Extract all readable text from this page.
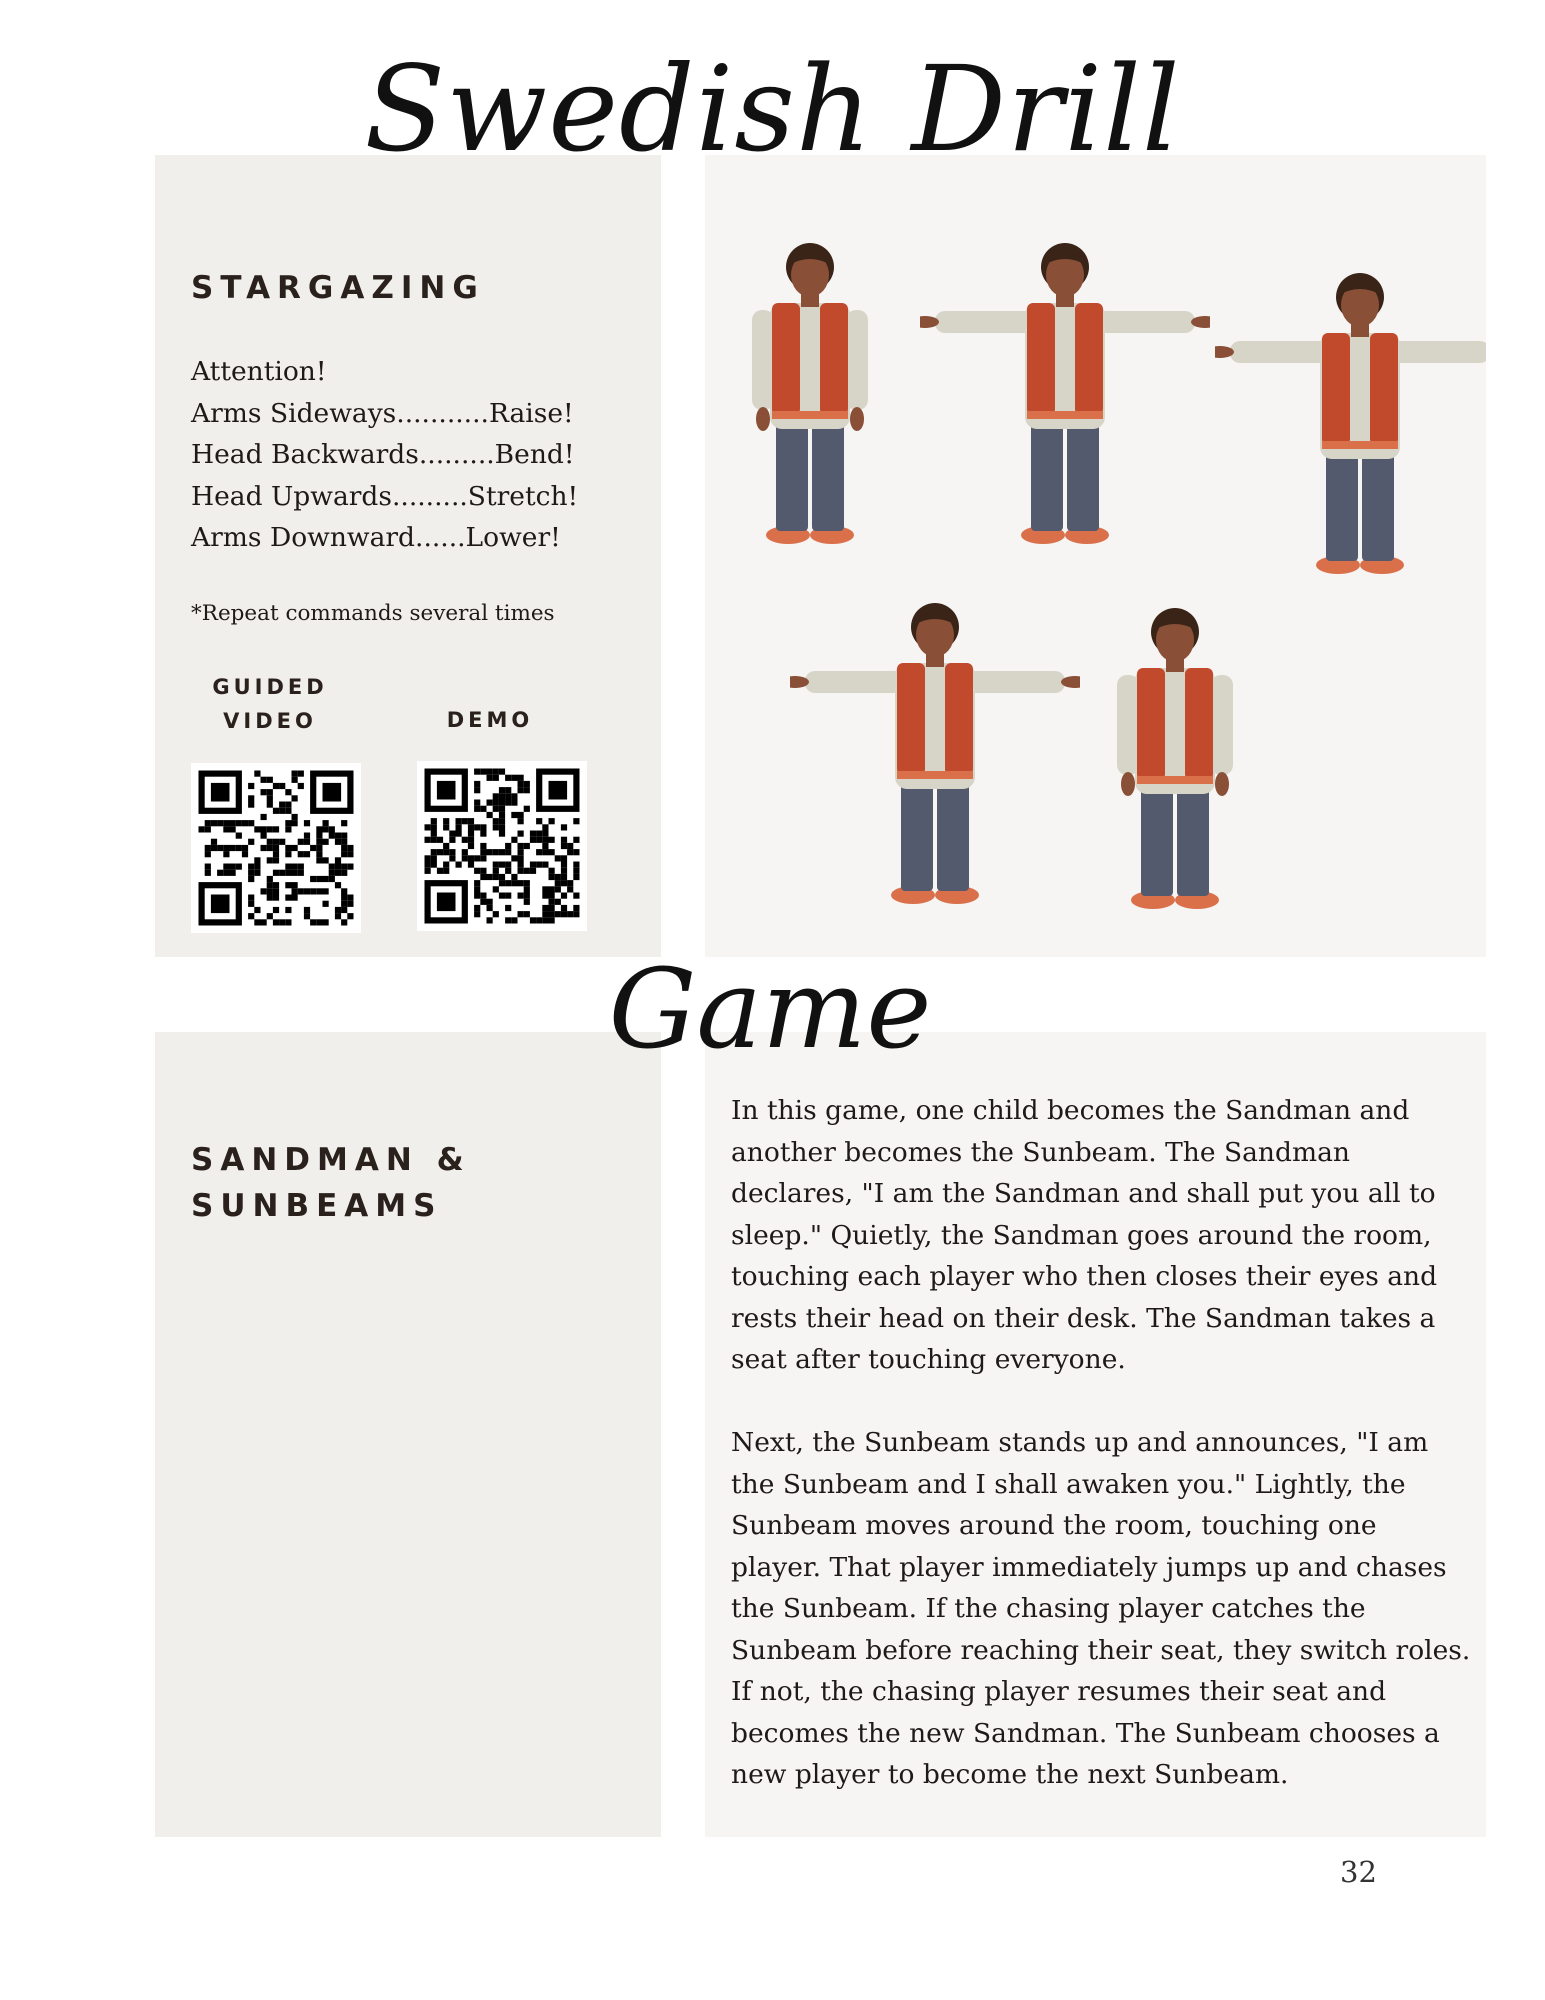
Swedish Drill
STARGAZING
Attention!
Arms Sideways...........Raise!
Head Backwards.........Bend!
Head Upwards.........Stretch!
Arms Downward......Lower!
*Repeat commands several times
GUIDED
VIDEO	DEMO
Game
SANDMAN &
SUNBEAMS

In this game, one child becomes the Sandman and another becomes the Sunbeam. The Sandman declares, "I am the Sandman and shall put you all to sleep." Quietly, the Sandman goes around the room, touching each player who then closes their eyes and rests their head on their desk. The Sandman takes a seat after touching everyone.

Next, the Sunbeam stands up and announces, "I am the Sunbeam and I shall awaken you." Lightly, the Sunbeam moves around the room, touching one player. That player immediately jumps up and chases the Sunbeam. If the chasing player catches the Sunbeam before reaching their seat, they switch roles. If not, the chasing player resumes their seat and becomes the new Sandman. The Sunbeam chooses a new player to become the next Sunbeam.

32
